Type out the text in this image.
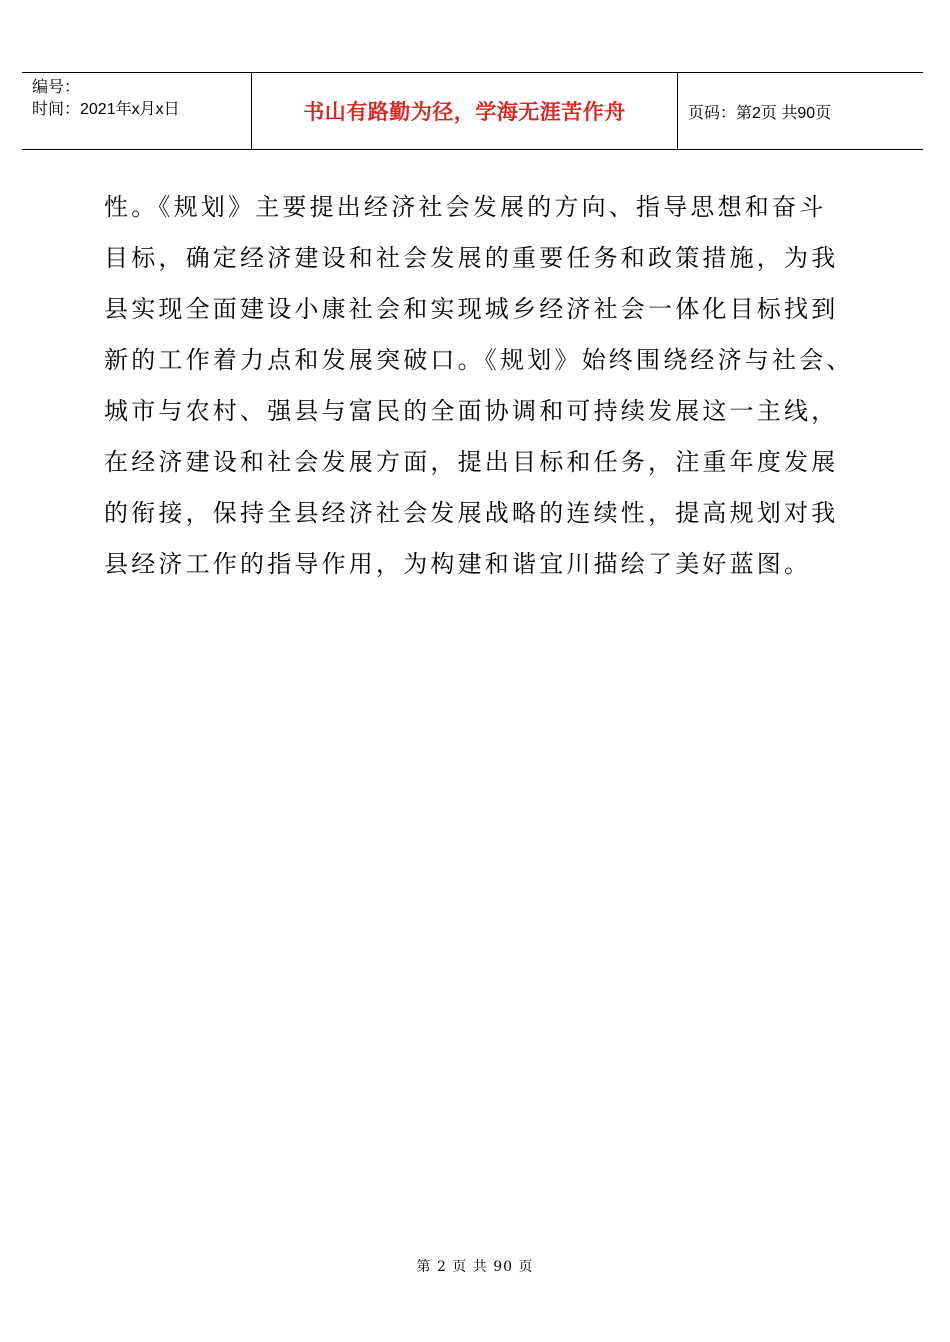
编号：
时间：2021年x月x日	书山有路勤为径，学海无涯苦作舟	页码：第2页 共90页
性。《规划》主要提出经济社会发展的方向、指导思想和奋斗
目标，确定经济建设和社会发展的重要任务和政策措施，为我
县实现全面建设小康社会和实现城乡经济社会一体化目标找到
新的工作着力点和发展突破口。《规划》始终围绕经济与社会、
城市与农村、强县与富民的全面协调和可持续发展这一主线，
在经济建设和社会发展方面，提出目标和任务，注重年度发展
的衔接，保持全县经济社会发展战略的连续性，提高规划对我
县经济工作的指导作用，为构建和谐宜川描绘了美好蓝图。
第 2 页 共 90 页
